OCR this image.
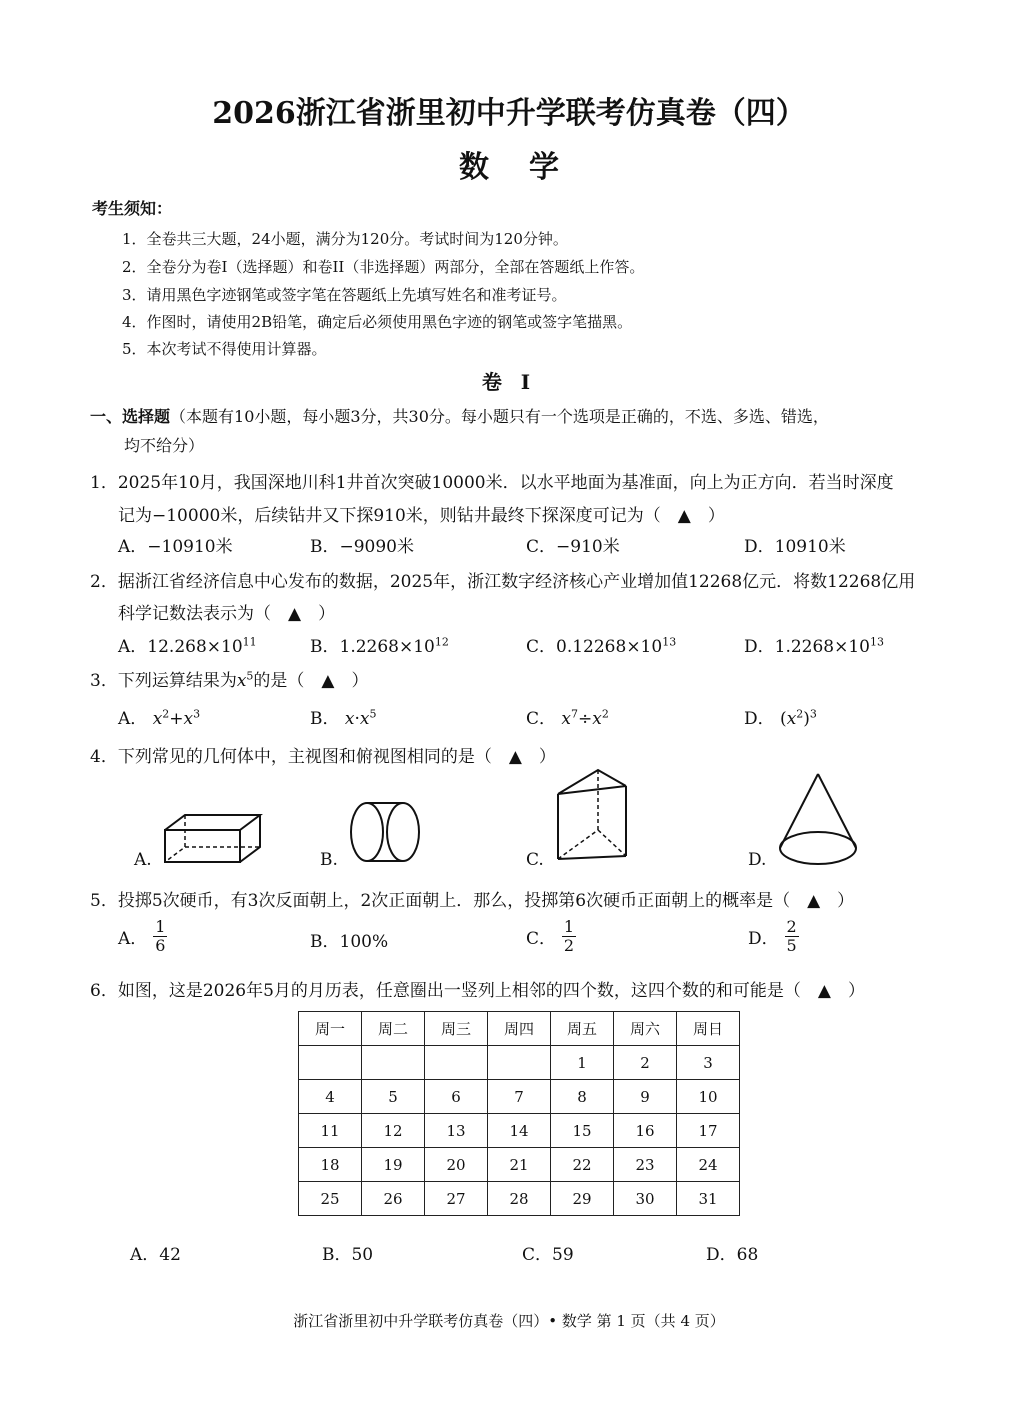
2026浙江省浙里初中升学联考仿真卷（四）
数学
考生须知：
1．全卷共三大题，24小题，满分为120分。考试时间为120分钟。
2．全卷分为卷I（选择题）和卷II（非选择题）两部分，全部在答题纸上作答。
3．请用黑色字迹钢笔或签字笔在答题纸上先填写姓名和准考证号。
4．作图时，请使用2B铅笔，确定后必须使用黑色字迹的钢笔或签字笔描黑。
5．本次考试不得使用计算器。
卷 I
一、选择题（本题有10小题，每小题3分，共30分。每小题只有一个选项是正确的，不选、多选、错选，
均不给分）
1．2025年10月，我国深地川科1井首次突破10000米．以水平地面为基准面，向上为正方向．若当时深度
记为−10000米，后续钻井又下探910米，则钻井最终下探深度可记为（　▲　）
A．−10910米	B．−9090米	C．−910米	D．10910米
2．据浙江省经济信息中心发布的数据，2025年，浙江数字经济核心产业增加值12268亿元．将数12268亿用
科学记数法表示为（　▲　）
A．$12.268\times 10^{11}$	B．$1.2268\times 10^{12}$	C．$0.12268\times 10^{13}$	D．$1.2268\times 10^{13}$
3．下列运算结果为$x^5$的是（　▲　）
A． $x^2+x^3$	B． $x\cdot x^5$	C． $x^7\div x^2$	D． $(x^2)^3$
4．下列常见的几何体中，主视图和俯视图相同的是（　▲　）
A.	B.	C.	D.
5．投掷5次硬币，有3次反面朝上，2次正面朝上．那么，投掷第6次硬币正面朝上的概率是（　▲　）
A． $\frac{1}{6}$	B．100%	C． $\frac{1}{2}$	D． $\frac{2}{5}$
6．如图，这是2026年5月的月历表，任意圈出一竖列上相邻的四个数，这四个数的和可能是（　▲　）
周一	周二	周三	周四	周五	周六	周日
				1	2	3
4	5	6	7	8	9	10
11	12	13	14	15	16	17
18	19	20	21	22	23	24
25	26	27	28	29	30	31
A．42	B．50	C．59	D．68
浙江省浙里初中升学联考仿真卷（四）• 数学 第 1 页（共 4 页）
